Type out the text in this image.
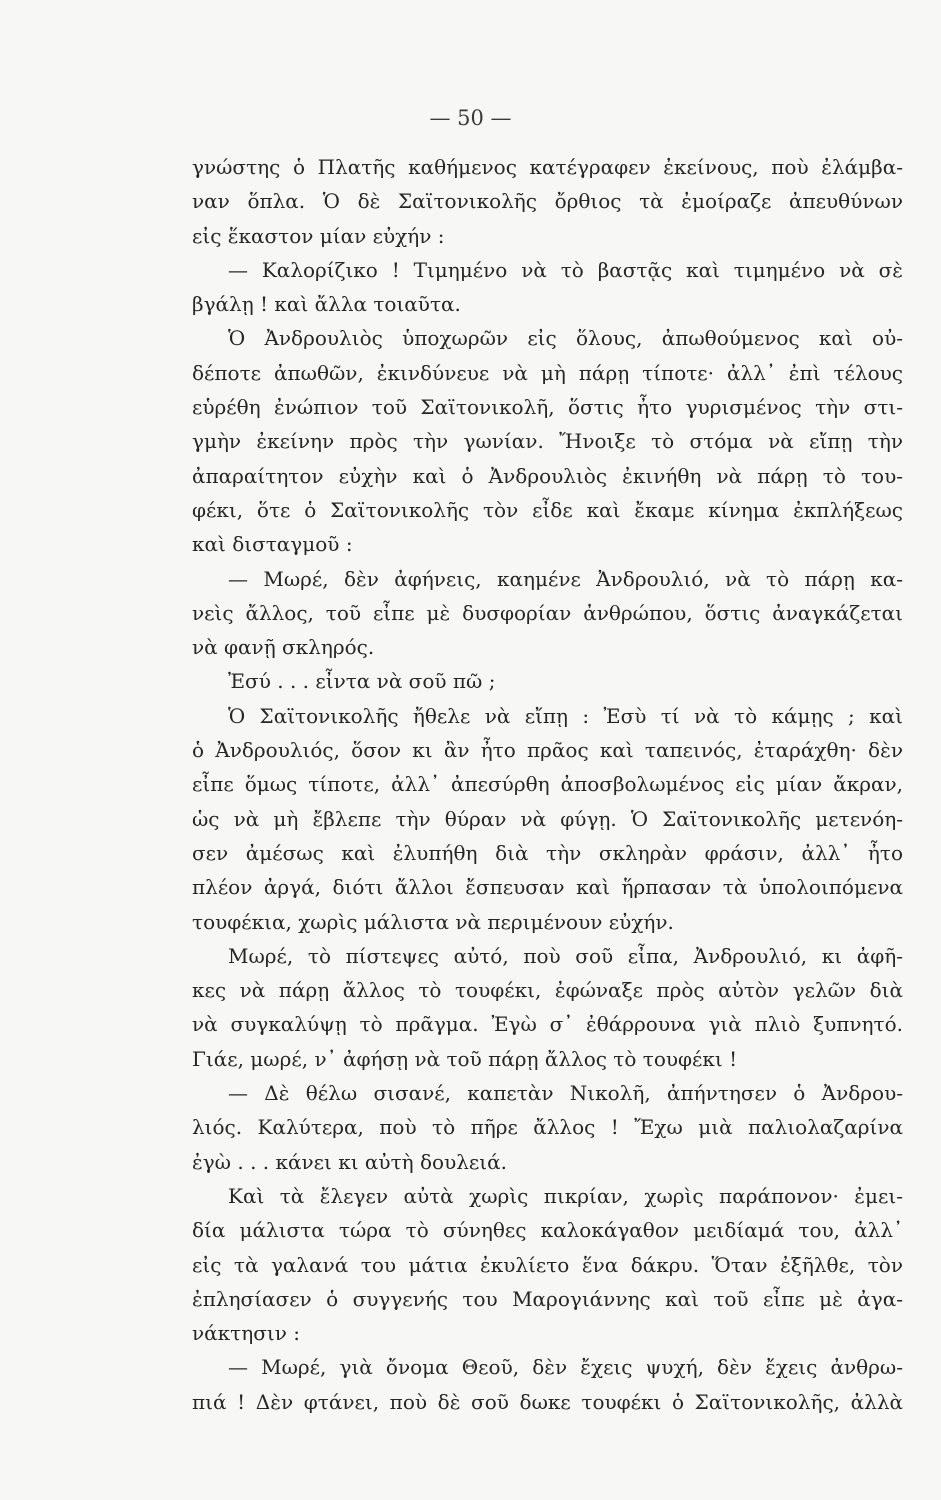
— 50 —
γνώστης ὁ Πλατῆς καθήμενος κατέγραφεν ἐκείνους, ποὺ ἐλάμβα-
ναν ὅπλα. Ὁ δὲ Σαϊτονικολῆς ὄρθιος τὰ ἐμοίραζε ἀπευθύνων
εἰς ἕκαστον μίαν εὐχήν :
— Καλορίζικο ! Τιμημένο νὰ τὸ βαστᾷς καὶ τιμημένο νὰ σὲ
βγάλῃ ! καὶ ἄλλα τοιαῦτα.
Ὁ Ἀνδρουλιὸς ὑποχωρῶν εἰς ὅλους, ἀπωθούμενος καὶ οὐ-
δέποτε ἀπωθῶν, ἐκινδύνευε νὰ μὴ πάρῃ τίποτε· ἀλλ᾽ ἐπὶ τέλους
εὑρέθη ἐνώπιον τοῦ Σαϊτονικολῆ, ὅστις ἦτο γυρισμένος τὴν στι-
γμὴν ἐκείνην πρὸς τὴν γωνίαν. Ἤνοιξε τὸ στόμα νὰ εἴπῃ τὴν
ἀπαραίτητον εὐχὴν καὶ ὁ Ἀνδρουλιὸς ἐκινήθη νὰ πάρῃ τὸ του-
φέκι, ὅτε ὁ Σαϊτονικολῆς τὸν εἶδε καὶ ἔκαμε κίνημα ἐκπλήξεως
καὶ δισταγμοῦ :
— Μωρέ, δὲν ἀφήνεις, καημένε Ἀνδρουλιό, νὰ τὸ πάρῃ κα-
νεὶς ἄλλος, τοῦ εἶπε μὲ δυσφορίαν ἀνθρώπου, ὅστις ἀναγκάζεται
νὰ φανῇ σκληρός.
Ἐσύ . . . εἶντα νὰ σοῦ πῶ ;
Ὁ Σαϊτονικολῆς ἤθελε νὰ εἴπῃ : Ἐσὺ τί νὰ τὸ κάμῃς ; καὶ
ὁ Ἀνδρουλιός, ὅσον κι ἂν ἦτο πρᾶος καὶ ταπεινός, ἐταράχθη· δὲν
εἶπε ὅμως τίποτε, ἀλλ᾽ ἀπεσύρθη ἀποσβολωμένος εἰς μίαν ἄκραν,
ὡς νὰ μὴ ἔβλεπε τὴν θύραν νὰ φύγῃ. Ὁ Σαϊτονικολῆς μετενόη-
σεν ἀμέσως καὶ ἐλυπήθη διὰ τὴν σκληρὰν φράσιν, ἀλλ᾽ ἦτο
πλέον ἀργά, διότι ἄλλοι ἔσπευσαν καὶ ἥρπασαν τὰ ὑπολοιπόμενα
τουφέκια, χωρὶς μάλιστα νὰ περιμένουν εὐχήν.
Μωρέ, τὸ πίστεψες αὐτό, ποὺ σοῦ εἶπα, Ἀνδρουλιό, κι ἀφῆ-
κες νὰ πάρῃ ἄλλος τὸ τουφέκι, ἐφώναξε πρὸς αὐτὸν γελῶν διὰ
νὰ συγκαλύψῃ τὸ πρᾶγμα. Ἐγὼ σ᾽ ἐθάρρουνα γιὰ πλιὸ ξυπνητό.
Γιάε, μωρέ, ν᾽ ἀφήσῃ νὰ τοῦ πάρῃ ἄλλος τὸ τουφέκι !
— Δὲ θέλω σισανέ, καπετὰν Νικολῆ, ἀπήντησεν ὁ Ἀνδρου-
λιός. Καλύτερα, ποὺ τὸ πῆρε ἄλλος ! Ἔχω μιὰ παλιολαζαρίνα
ἐγὼ . . . κάνει κι αὐτὴ δουλειά.
Καὶ τὰ ἔλεγεν αὐτὰ χωρὶς πικρίαν, χωρὶς παράπονον· ἐμει-
δία μάλιστα τώρα τὸ σύνηθες καλοκάγαθον μειδίαμά του, ἀλλ᾽
εἰς τὰ γαλανά του μάτια ἐκυλίετο ἕνα δάκρυ. Ὅταν ἐξῆλθε, τὸν
ἐπλησίασεν ὁ συγγενής του Μαρογιάννης καὶ τοῦ εἶπε μὲ ἀγα-
νάκτησιν :
— Μωρέ, γιὰ ὄνομα Θεοῦ, δὲν ἔχεις ψυχή, δὲν ἔχεις ἀνθρω-
πιά ! Δὲν φτάνει, ποὺ δὲ σοῦ δωκε τουφέκι ὁ Σαϊτονικολῆς, ἀλλὰ
